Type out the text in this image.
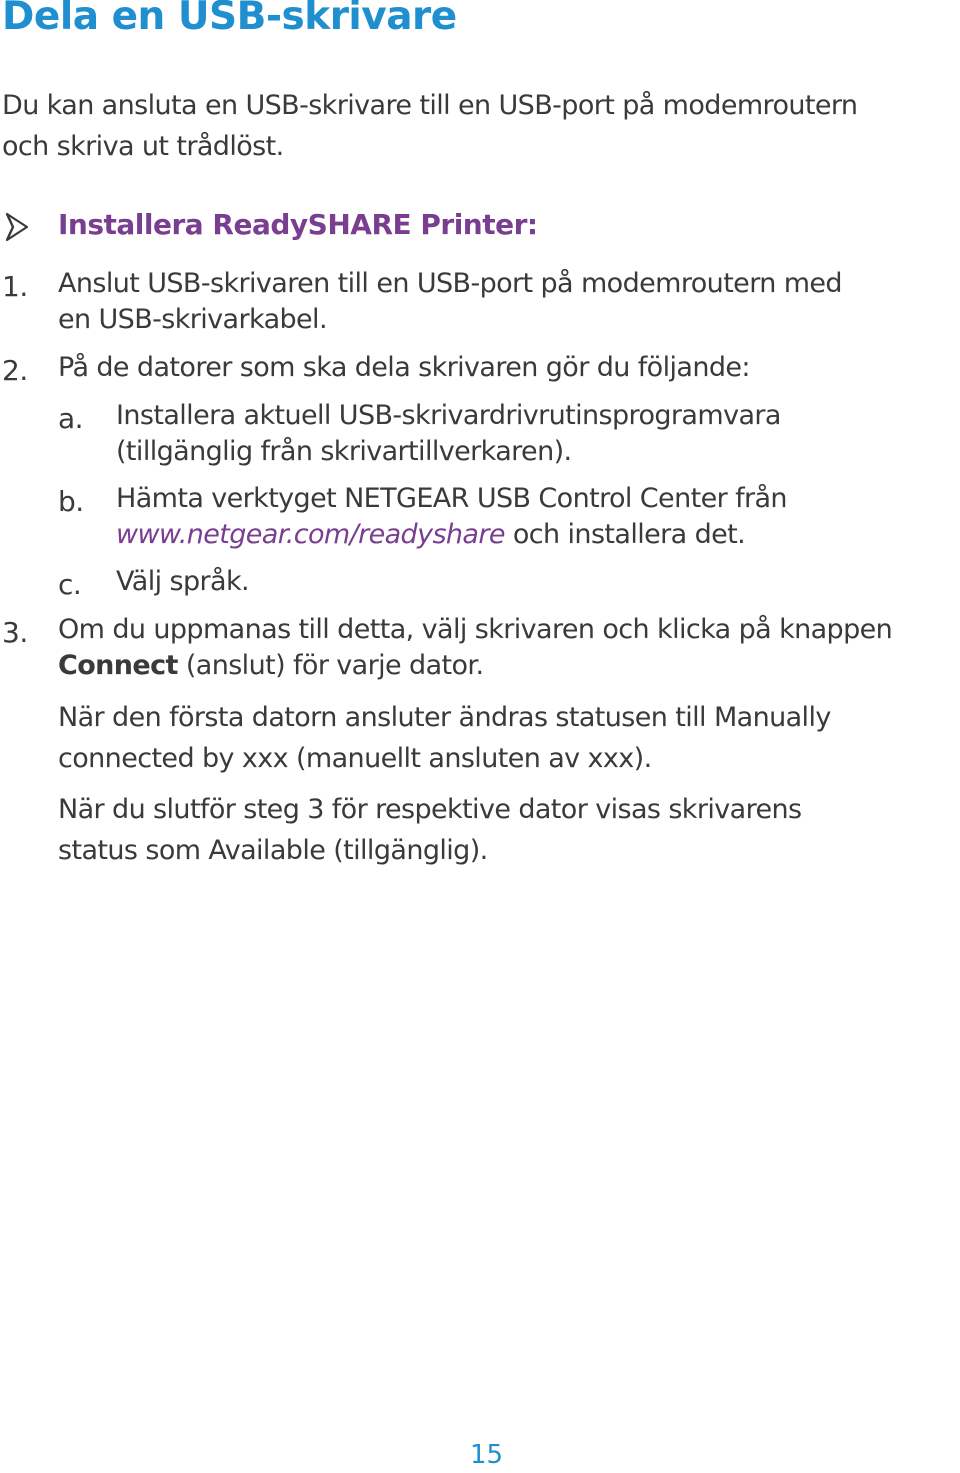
Dela en USB-skrivare
Du kan ansluta en USB-skrivare till en USB-port på modemroutern
och skriva ut trådlöst.
Installera ReadySHARE Printer:
1. Anslut USB-skrivaren till en USB-port på modemroutern med
en USB-skrivarkabel.
2. På de datorer som ska dela skrivaren gör du följande:
a. Installera aktuell USB-skrivardrivrutinsprogramvara
(tillgänglig från skrivartillverkaren).
b. Hämta verktyget NETGEAR USB Control Center från
www.netgear.com/readyshare och installera det.
c. Välj språk.
3. Om du uppmanas till detta, välj skrivaren och klicka på knappen
Connect (anslut) för varje dator.
När den första datorn ansluter ändras statusen till Manually
connected by xxx (manuellt ansluten av xxx).
När du slutför steg 3 för respektive dator visas skrivarens
status som Available (tillgänglig).
15
